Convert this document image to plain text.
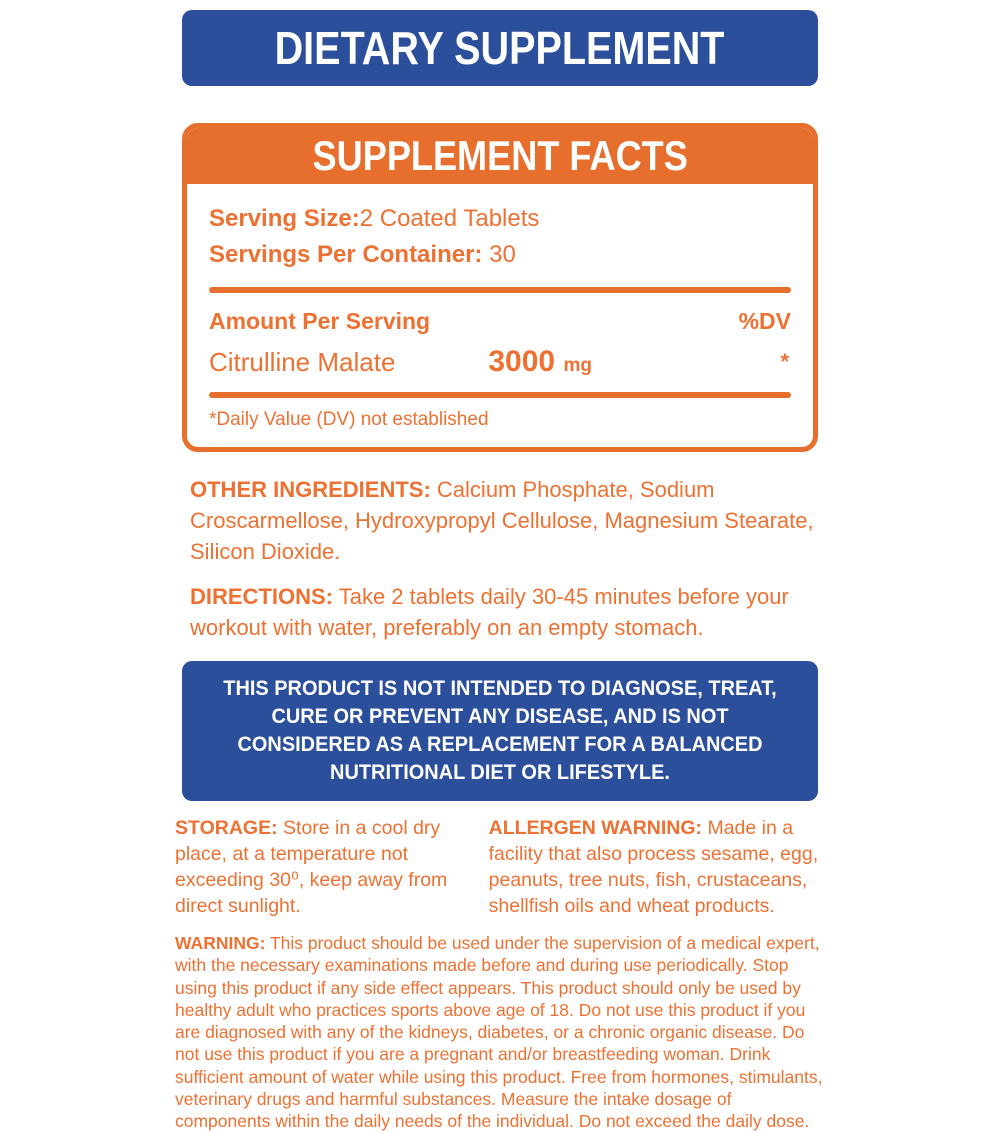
DIETARY SUPPLEMENT
SUPPLEMENT FACTS
Serving Size:2 Coated Tablets
Servings Per Container: 30
Amount Per Serving	%DV
Citrulline Malate	3000 mg	*
*Daily Value (DV) not established

OTHER INGREDIENTS: Calcium Phosphate, Sodium Croscarmellose, Hydroxypropyl Cellulose, Magnesium Stearate, Silicon Dioxide.

DIRECTIONS: Take 2 tablets daily 30-45 minutes before your workout with water, preferably on an empty stomach.

THIS PRODUCT IS NOT INTENDED TO DIAGNOSE, TREAT, CURE OR PREVENT ANY DISEASE, AND IS NOT CONSIDERED AS A REPLACEMENT FOR A BALANCED NUTRITIONAL DIET OR LIFESTYLE.
STORAGE: Store in a cool dry place, at a temperature not exceeding 30⁰, keep away from direct sunlight.
ALLERGEN WARNING: Made in a facility that also process sesame, egg, peanuts, tree nuts, fish, crustaceans, shellfish oils and wheat products.

WARNING: This product should be used under the supervision of a medical expert, with the necessary examinations made before and during use periodically. Stop using this product if any side effect appears. This product should only be used by healthy adult who practices sports above age of 18. Do not use this product if you are diagnosed with any of the kidneys, diabetes, or a chronic organic disease. Do not use this product if you are a pregnant and/or breastfeeding woman. Drink sufficient amount of water while using this product. Free from hormones, stimulants, veterinary drugs and harmful substances. Measure the intake dosage of components within the daily needs of the individual. Do not exceed the daily dose.
